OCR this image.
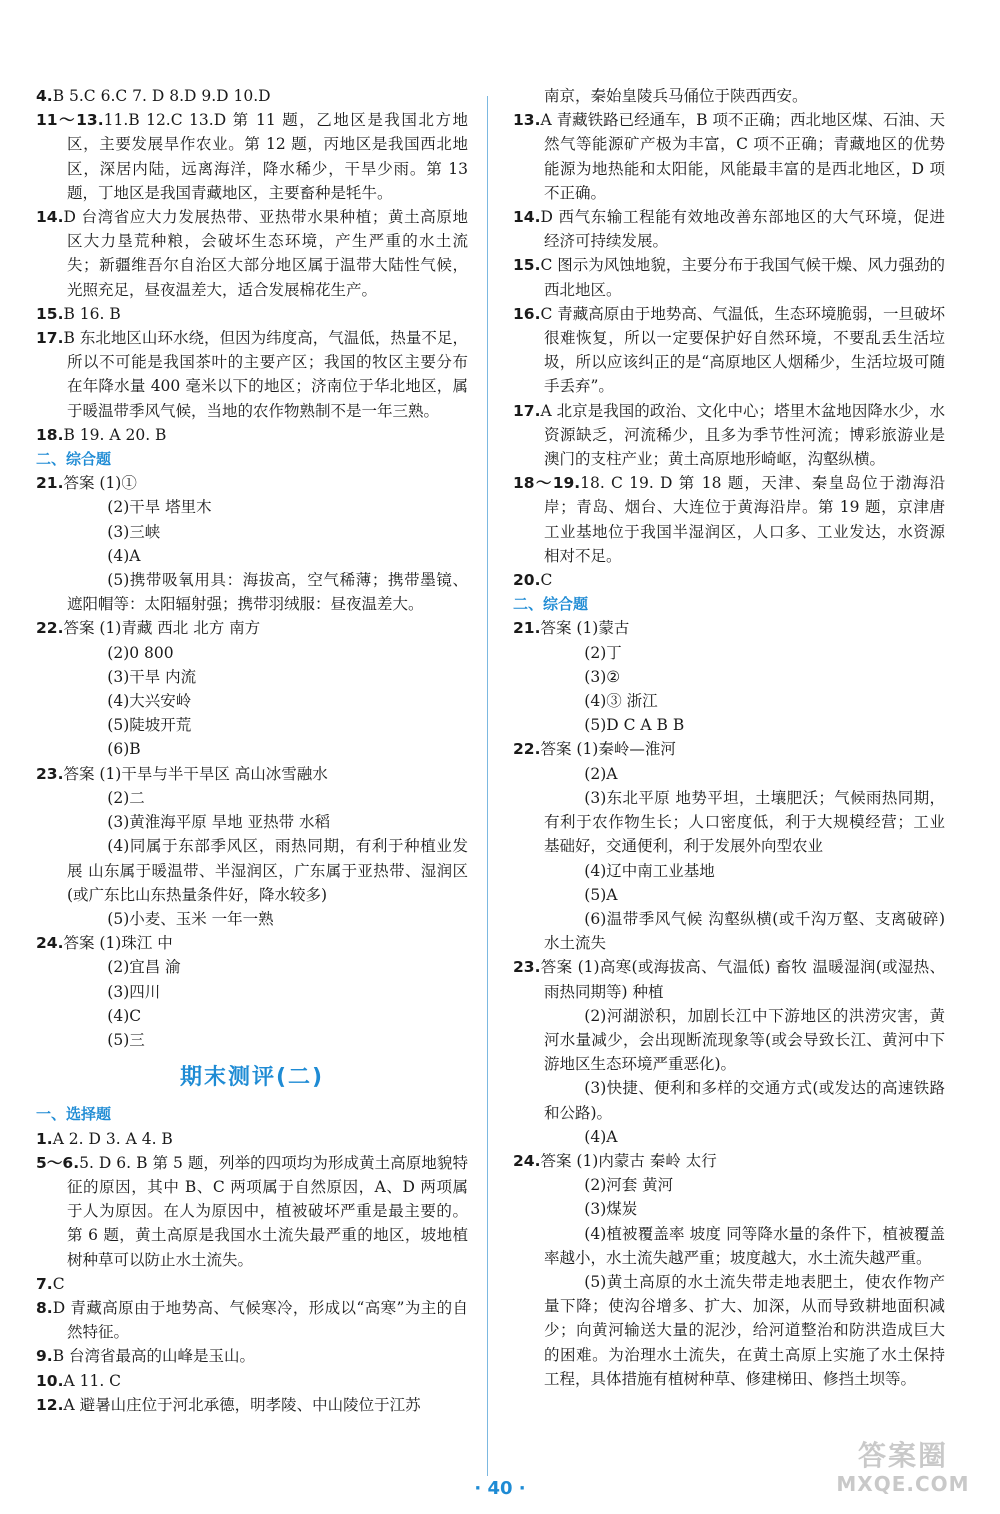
4.B 5.C 6.C 7. D 8.D 9.D 10.D
11～13.11.B 12.C 13.D 第 11 题，乙地区是我国北方地区，主要发展旱作农业。第 12 题，丙地区是我国西北地区，深居内陆，远离海洋，降水稀少，干旱少雨。第 13 题，丁地区是我国青藏地区，主要畜种是牦牛。
14.D 台湾省应大力发展热带、亚热带水果种植；黄土高原地区大力垦荒种粮，会破坏生态环境，产生严重的水土流失；新疆维吾尔自治区大部分地区属于温带大陆性气候，光照充足，昼夜温差大，适合发展棉花生产。
15.B 16. B
17.B 东北地区山环水绕，但因为纬度高，气温低，热量不足，所以不可能是我国茶叶的主要产区；我国的牧区主要分布在年降水量 400 毫米以下的地区；济南位于华北地区，属于暖温带季风气候，当地的农作物熟制不是一年三熟。
18.B 19. A 20. B
二、综合题
21.答案 (1)①
(2)干旱 塔里木
(3)三峡
(4)A
(5)携带吸氧用具：海拔高，空气稀薄；携带墨镜、遮阳帽等：太阳辐射强；携带羽绒服：昼夜温差大。
22.答案 (1)青藏 西北 北方 南方
(2)0 800
(3)干旱 内流
(4)大兴安岭
(5)陡坡开荒
(6)B
23.答案 (1)干旱与半干旱区 高山冰雪融水
(2)二
(3)黄淮海平原 旱地 亚热带 水稻
(4)同属于东部季风区，雨热同期，有利于种植业发展 山东属于暖温带、半湿润区，广东属于亚热带、湿润区(或广东比山东热量条件好，降水较多)
(5)小麦、玉米 一年一熟
24.答案 (1)珠江 中
(2)宜昌 渝
(3)四川
(4)C
(5)三
期末测评(二)
一、选择题
1.A 2. D 3. A 4. B
5～6.5. D 6. B 第 5 题，列举的四项均为形成黄土高原地貌特征的原因，其中 B、C 两项属于自然原因，A、D 两项属于人为原因。在人为原因中，植被破坏严重是最主要的。第 6 题，黄土高原是我国水土流失最严重的地区，坡地植树种草可以防止水土流失。
7.C
8.D 青藏高原由于地势高、气候寒冷，形成以“高寒”为主的自然特征。
9.B 台湾省最高的山峰是玉山。
10.A 11. C
12.A 避暑山庄位于河北承德，明孝陵、中山陵位于江苏
南京，秦始皇陵兵马俑位于陕西西安。
13.A 青藏铁路已经通车，B 项不正确；西北地区煤、石油、天然气等能源矿产极为丰富，C 项不正确；青藏地区的优势能源为地热能和太阳能，风能最丰富的是西北地区，D 项不正确。
14.D 西气东输工程能有效地改善东部地区的大气环境，促进经济可持续发展。
15.C 图示为风蚀地貌，主要分布于我国气候干燥、风力强劲的西北地区。
16.C 青藏高原由于地势高、气温低，生态环境脆弱，一旦破坏很难恢复，所以一定要保护好自然环境，不要乱丢生活垃圾，所以应该纠正的是“高原地区人烟稀少，生活垃圾可随手丢弃”。
17.A 北京是我国的政治、文化中心；塔里木盆地因降水少，水资源缺乏，河流稀少，且多为季节性河流；博彩旅游业是澳门的支柱产业；黄土高原地形崎岖，沟壑纵横。
18～19.18. C 19. D 第 18 题，天津、秦皇岛位于渤海沿岸；青岛、烟台、大连位于黄海沿岸。第 19 题，京津唐工业基地位于我国半湿润区，人口多、工业发达，水资源相对不足。
20.C
二、综合题
21.答案 (1)蒙古
(2)丁
(3)②
(4)③ 浙江
(5)D C A B B
22.答案 (1)秦岭—淮河
(2)A
(3)东北平原 地势平坦，土壤肥沃；气候雨热同期，有利于农作物生长；人口密度低，利于大规模经营；工业基础好，交通便利，利于发展外向型农业
(4)辽中南工业基地
(5)A
(6)温带季风气候 沟壑纵横(或千沟万壑、支离破碎) 水土流失
23.答案 (1)高寒(或海拔高、气温低) 畜牧 温暖湿润(或湿热、雨热同期等) 种植
(2)河湖淤积，加剧长江中下游地区的洪涝灾害，黄河水量减少，会出现断流现象等(或会导致长江、黄河中下游地区生态环境严重恶化)。
(3)快捷、便利和多样的交通方式(或发达的高速铁路和公路)。
(4)A
24.答案 (1)内蒙古 秦岭 太行
(2)河套 黄河
(3)煤炭
(4)植被覆盖率 坡度 同等降水量的条件下，植被覆盖率越小，水土流失越严重；坡度越大，水土流失越严重。
(5)黄土高原的水土流失带走地表肥土，使农作物产量下降；使沟谷增多、扩大、加深，从而导致耕地面积减少；向黄河输送大量的泥沙，给河道整治和防洪造成巨大的困难。为治理水土流失，在黄土高原上实施了水土保持工程，具体措施有植树种草、修建梯田、修挡土坝等。
· 40 ·
答案圈
MXQE.COM
